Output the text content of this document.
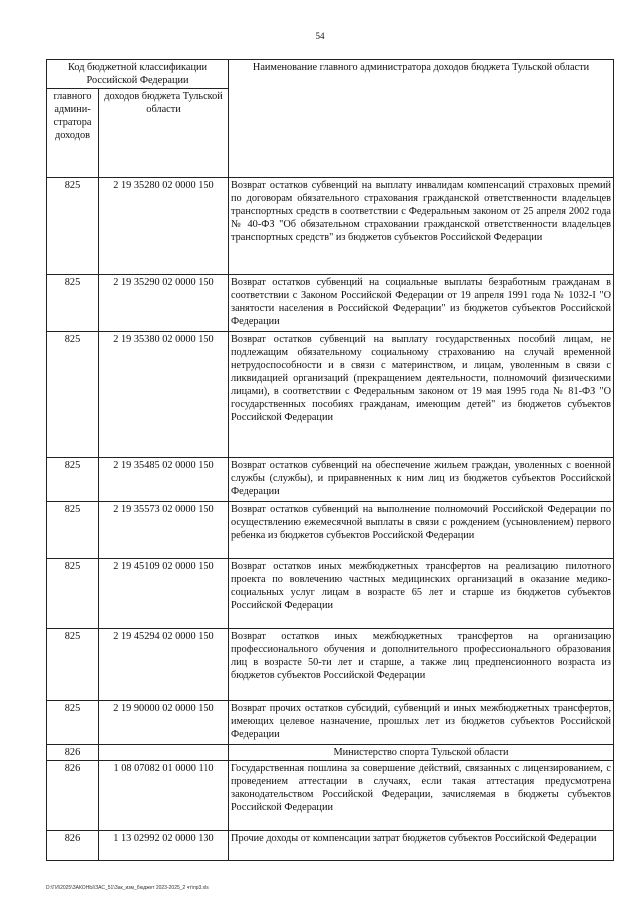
54
Код бюджетной классификации Российской Федерации		Наименование главного администратора доходов бюджета Тульской области
главного админи-стратора доходов	доходов бюджета Тульской области	
825	2 19 35280 02 0000 150	Возврат остатков субвенций на выплату инвалидам компенсаций страховых премий по договорам обязательного страхования гражданской ответственности владельцев транспортных средств в соответствии с Федеральным законом от 25 апреля 2002 года № 40-ФЗ "Об обязательном страховании гражданской ответственности владельцев транспортных средств" из бюджетов субъектов Российской Федерации
825	2 19 35290 02 0000 150	Возврат остатков субвенций на социальные выплаты безработным гражданам в соответствии с Законом Российской Федерации от 19 апреля 1991 года № 1032-I "О занятости населения в Российской Федерации" из бюджетов субъектов Российской Федерации
825	2 19 35380 02 0000 150	Возврат остатков субвенций на выплату государственных пособий лицам, не подлежащим обязательному социальному страхованию на случай временной нетрудоспособности и в связи с материнством, и лицам, уволенным в связи с ликвидацией организаций (прекращением деятельности, полномочий физическими лицами), в соответствии с Федеральным законом от 19 мая 1995 года № 81-ФЗ "О государственных пособиях гражданам, имеющим детей" из бюджетов субъектов Российской Федерации
825	2 19 35485 02 0000 150	Возврат остатков субвенций на обеспечение жильем граждан, уволенных с военной службы (службы), и приравненных к ним лиц из бюджетов субъектов Российской Федерации
825	2 19 35573 02 0000 150	Возврат остатков субвенций на выполнение полномочий Российской Федерации по осуществлению ежемесячной выплаты в связи с рождением (усыновлением) первого ребенка из бюджетов субъектов Российской Федерации
825	2 19 45109 02 0000 150	Возврат остатков иных межбюджетных трансфертов на реализацию пилотного проекта по вовлечению частных медицинских организаций в оказание медико-социальных услуг лицам в возрасте 65 лет и старше из бюджетов субъектов Российской Федерации
825	2 19 45294 02 0000 150	Возврат остатков иных межбюджетных трансфертов на организацию профессионального обучения и дополнительного профессионального образования лиц в возрасте 50-ти лет и старше, а также лиц предпенсионного возраста из бюджетов субъектов Российской Федерации
825	2 19 90000 02 0000 150	Возврат прочих остатков субсидий, субвенций и иных межбюджетных трансфертов, имеющих целевое назначение, прошлых лет из бюджетов субъектов Российской Федерации
826		Министерство спорта Тульской области
826	1 08 07082 01 0000 110	Государственная пошлина за совершение действий, связанных с лицензированием, с проведением аттестации в случаях, если такая аттестация предусмотрена законодательством Российской Федерации, зачисляемая в бюджеты субъектов Российской Федерации
826	1 13 02992 02 0000 130	Прочие доходы от компенсации затрат бюджетов субъектов Российской Федерации
D:\ГИ\2025\ЗАКОНЫ\ЗАС_51\Зак_изм_бюджет 2023-2025_2 чт\пр3.xls
